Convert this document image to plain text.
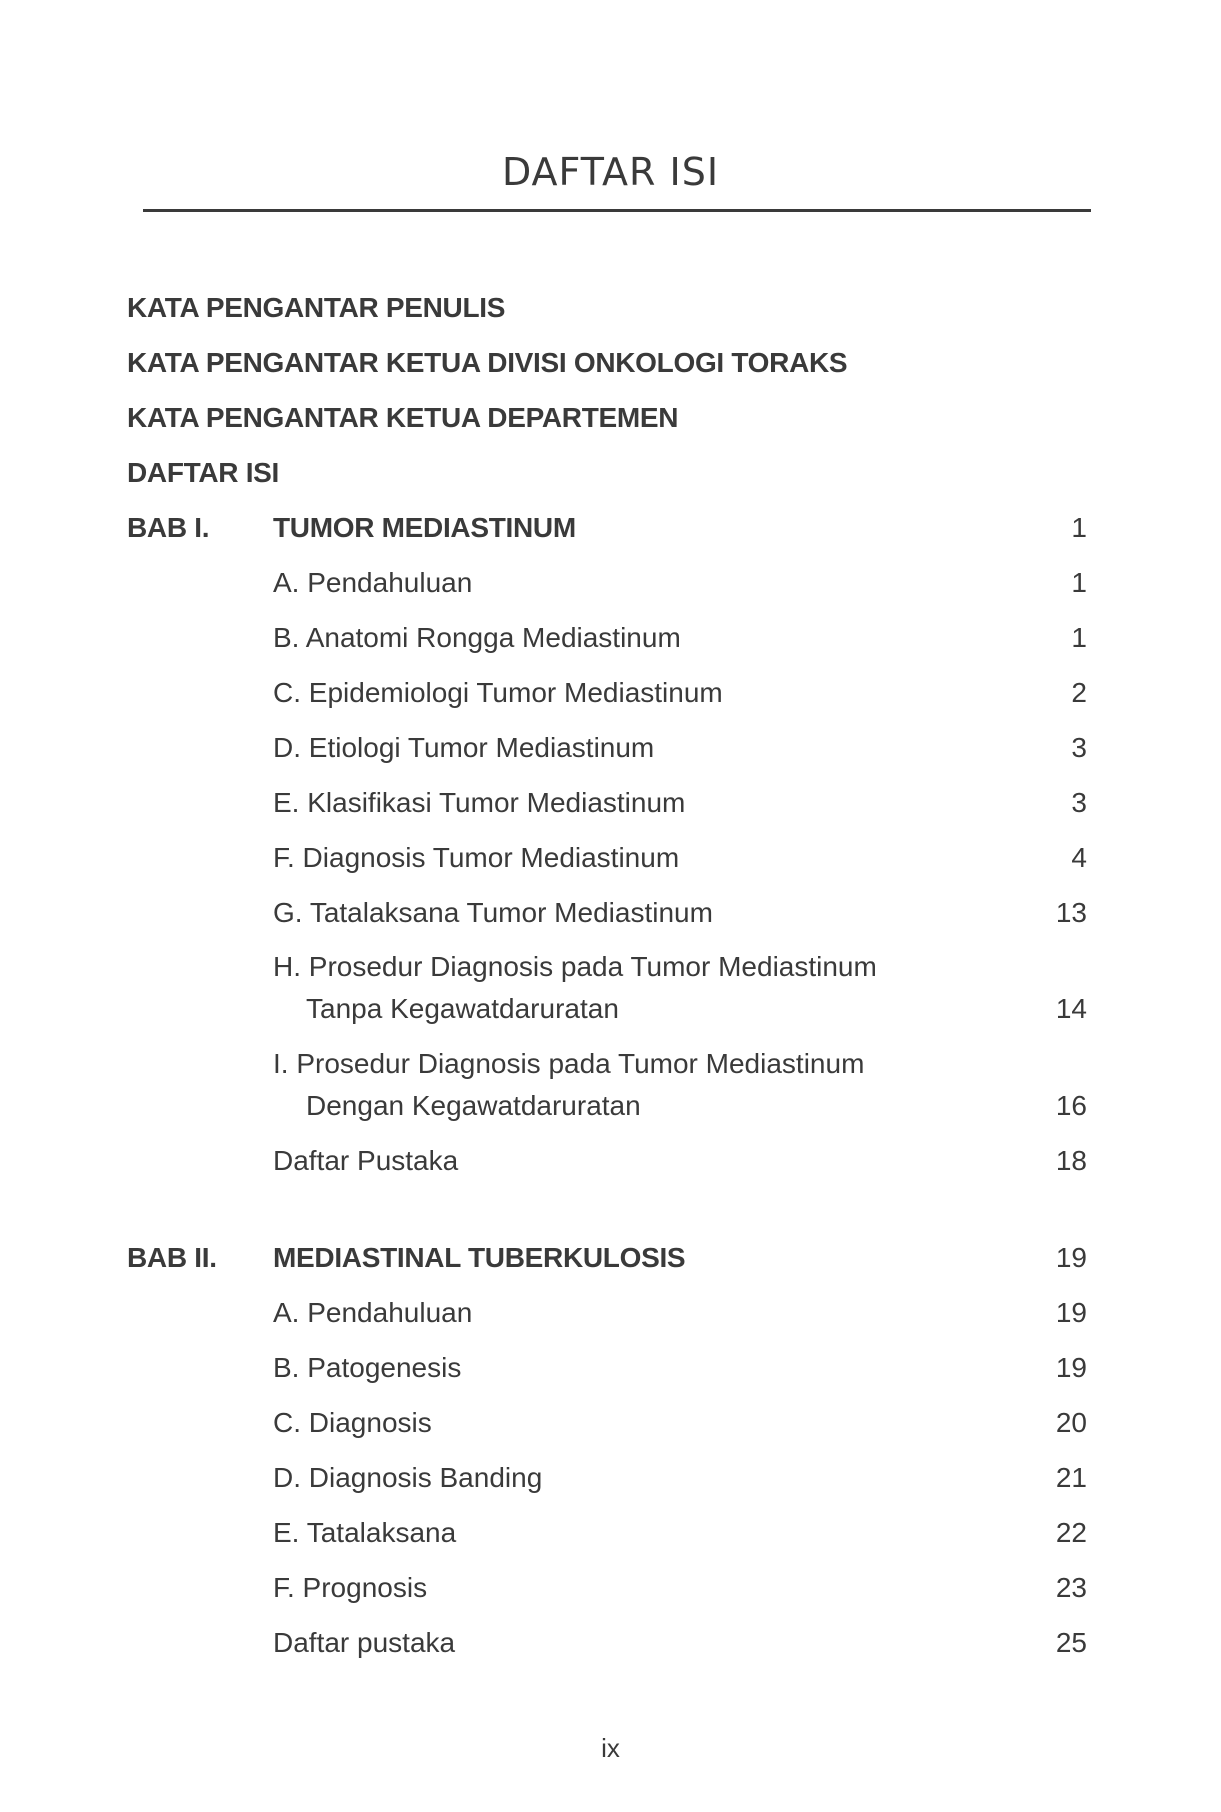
DAFTAR ISI
KATA PENGANTAR PENULIS
KATA PENGANTAR KETUA DIVISI ONKOLOGI TORAKS
KATA PENGANTAR KETUA DEPARTEMEN
DAFTAR ISI
BAB I. TUMOR MEDIASTINUM	1
A. Pendahuluan	1
B. Anatomi Rongga Mediastinum	1
C. Epidemiologi Tumor Mediastinum	2
D. Etiologi Tumor Mediastinum	3
E. Klasifikasi Tumor Mediastinum	3
F. Diagnosis Tumor Mediastinum	4
G. Tatalaksana Tumor Mediastinum	13
H. Prosedur Diagnosis pada Tumor Mediastinum
Tanpa Kegawatdaruratan	14
I. Prosedur Diagnosis pada Tumor Mediastinum
Dengan Kegawatdaruratan	16
Daftar Pustaka	18
BAB II. MEDIASTINAL TUBERKULOSIS	19
A. Pendahuluan	19
B. Patogenesis	19
C. Diagnosis	20
D. Diagnosis Banding	21
E. Tatalaksana	22
F. Prognosis	23
Daftar pustaka	25
ix
